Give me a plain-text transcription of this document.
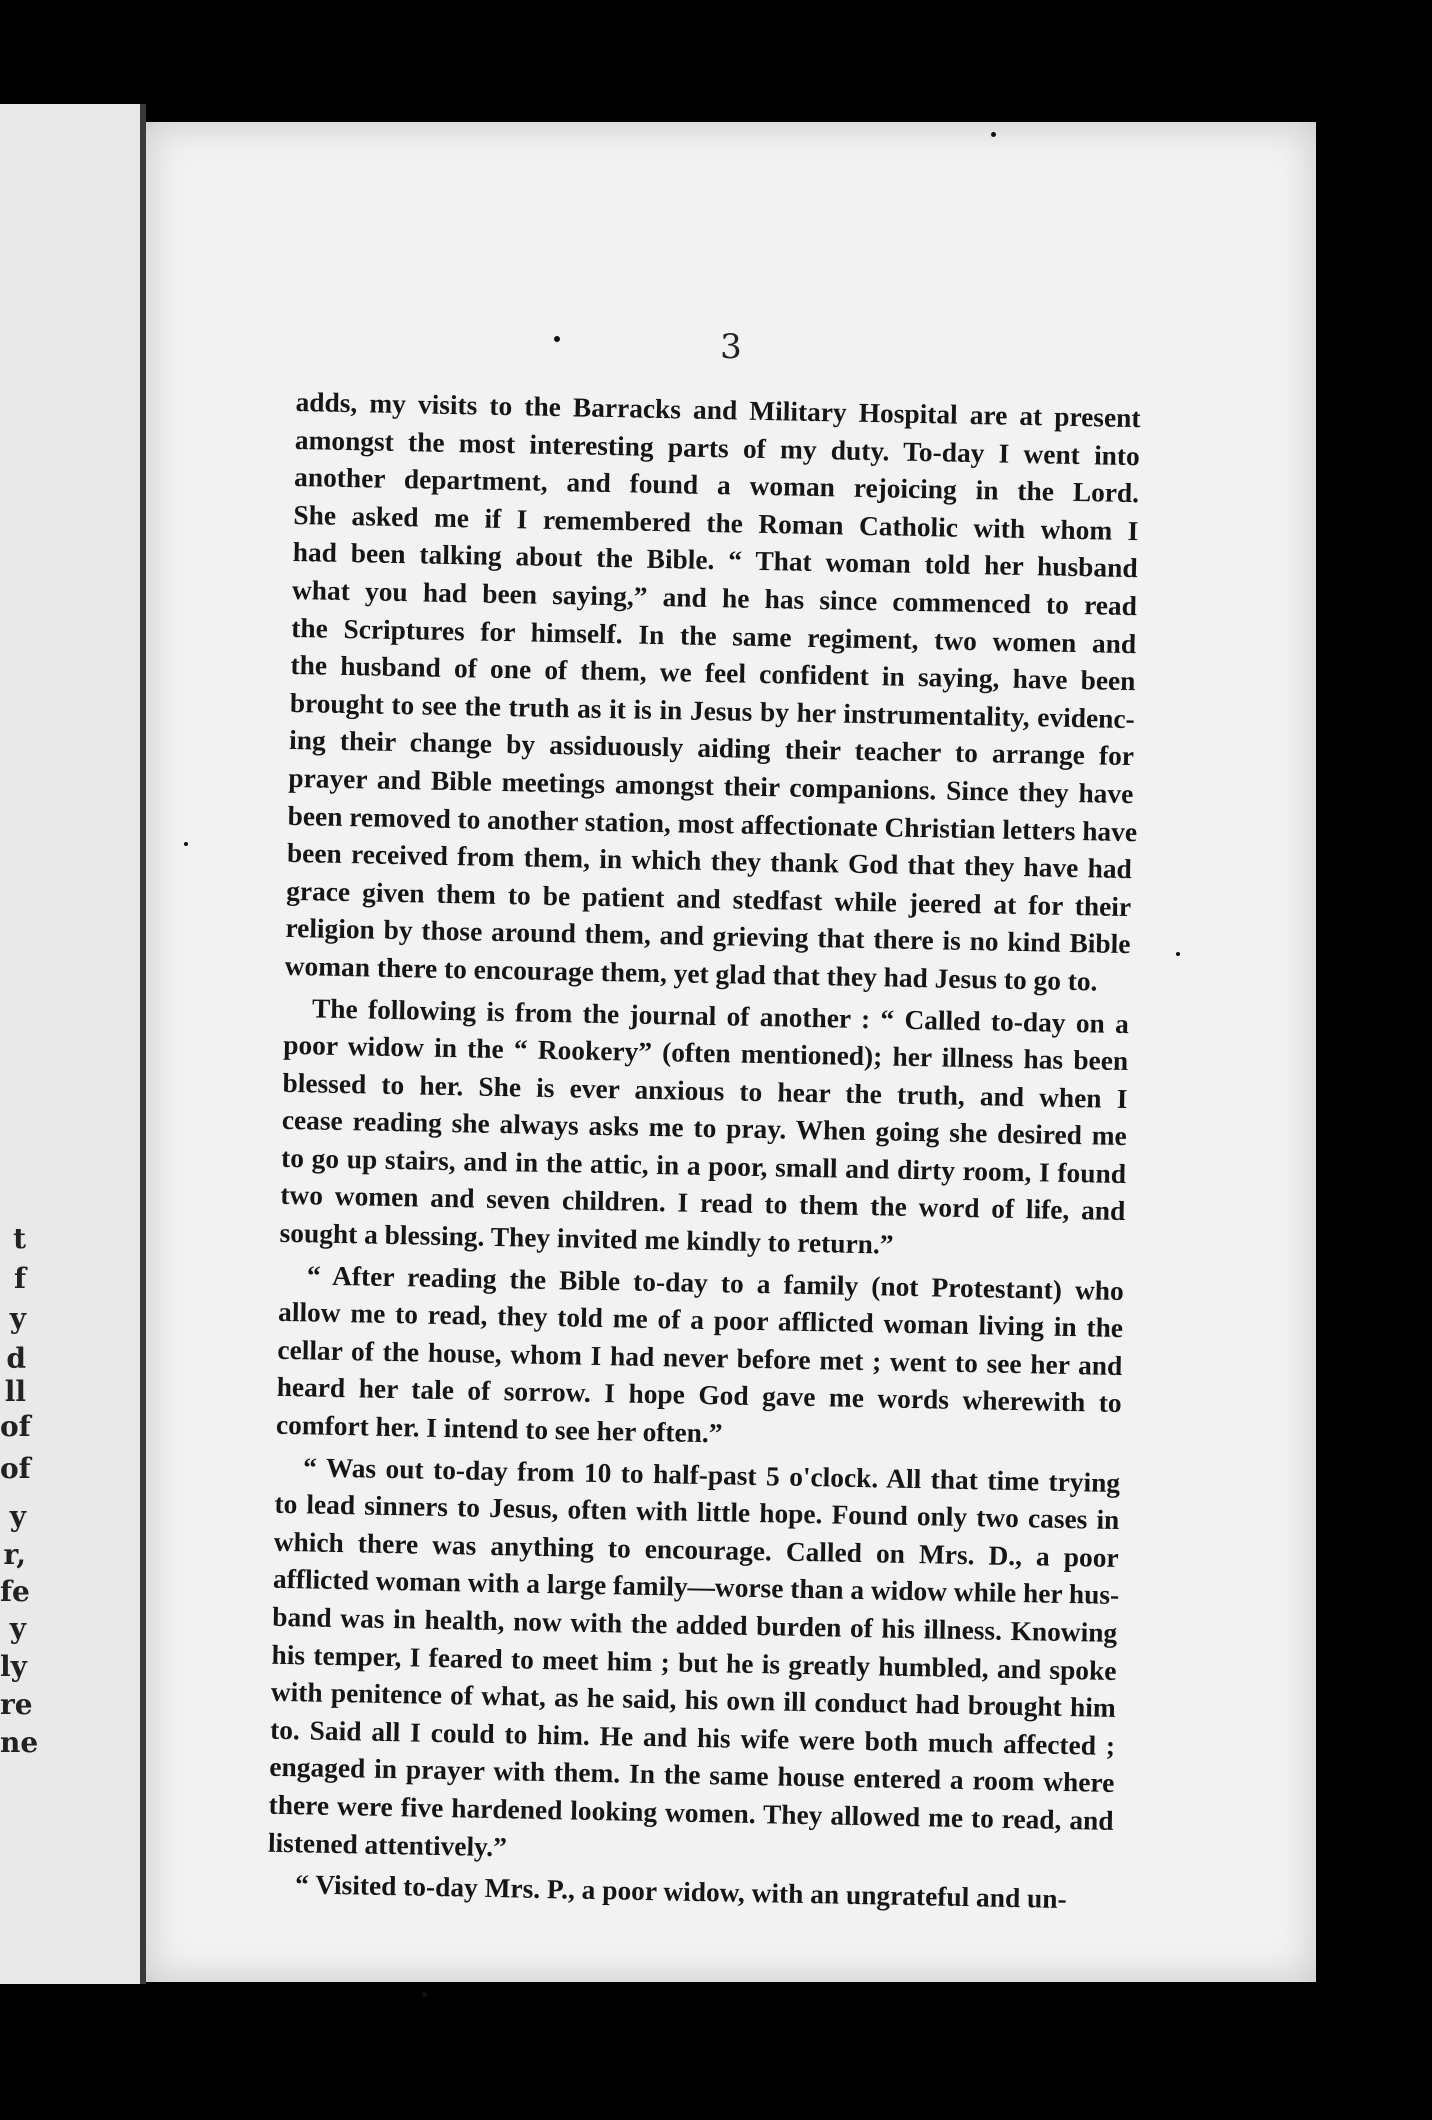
t
f
y
d
ll
of
of
y
r,
fe
y
ly
re
ne
3
adds, my visits to the Barracks and Military Hospital are at present
amongst the most interesting parts of my duty. To-day I went into
another department, and found a woman rejoicing in the Lord.
She asked me if I remembered the Roman Catholic with whom I
had been talking about the Bible. “ That woman told her husband
what you had been saying,” and he has since commenced to read
the Scriptures for himself. In the same regiment, two women and
the husband of one of them, we feel confident in saying, have been
brought to see the truth as it is in Jesus by her instrumentality, evidenc-
ing their change by assiduously aiding their teacher to arrange for
prayer and Bible meetings amongst their companions. Since they have
been removed to another station, most affectionate Christian letters have
been received from them, in which they thank God that they have had
grace given them to be patient and stedfast while jeered at for their
religion by those around them, and grieving that there is no kind Bible
woman there to encourage them, yet glad that they had Jesus to go to.
The following is from the journal of another : “ Called to-day on a
poor widow in the “ Rookery” (often mentioned); her illness has been
blessed to her. She is ever anxious to hear the truth, and when I
cease reading she always asks me to pray. When going she desired me
to go up stairs, and in the attic, in a poor, small and dirty room, I found
two women and seven children. I read to them the word of life, and
sought a blessing. They invited me kindly to return.”
“ After reading the Bible to-day to a family (not Protestant) who
allow me to read, they told me of a poor afflicted woman living in the
cellar of the house, whom I had never before met ; went to see her and
heard her tale of sorrow. I hope God gave me words wherewith to
comfort her. I intend to see her often.”
“ Was out to-day from 10 to half-past 5 o'clock. All that time trying
to lead sinners to Jesus, often with little hope. Found only two cases in
which there was anything to encourage. Called on Mrs. D., a poor
afflicted woman with a large family—worse than a widow while her hus-
band was in health, now with the added burden of his illness. Knowing
his temper, I feared to meet him ; but he is greatly humbled, and spoke
with penitence of what, as he said, his own ill conduct had brought him
to. Said all I could to him. He and his wife were both much affected ;
engaged in prayer with them. In the same house entered a room where
there were five hardened looking women. They allowed me to read, and
listened attentively.”
“ Visited to-day Mrs. P., a poor widow, with an ungrateful and un-
